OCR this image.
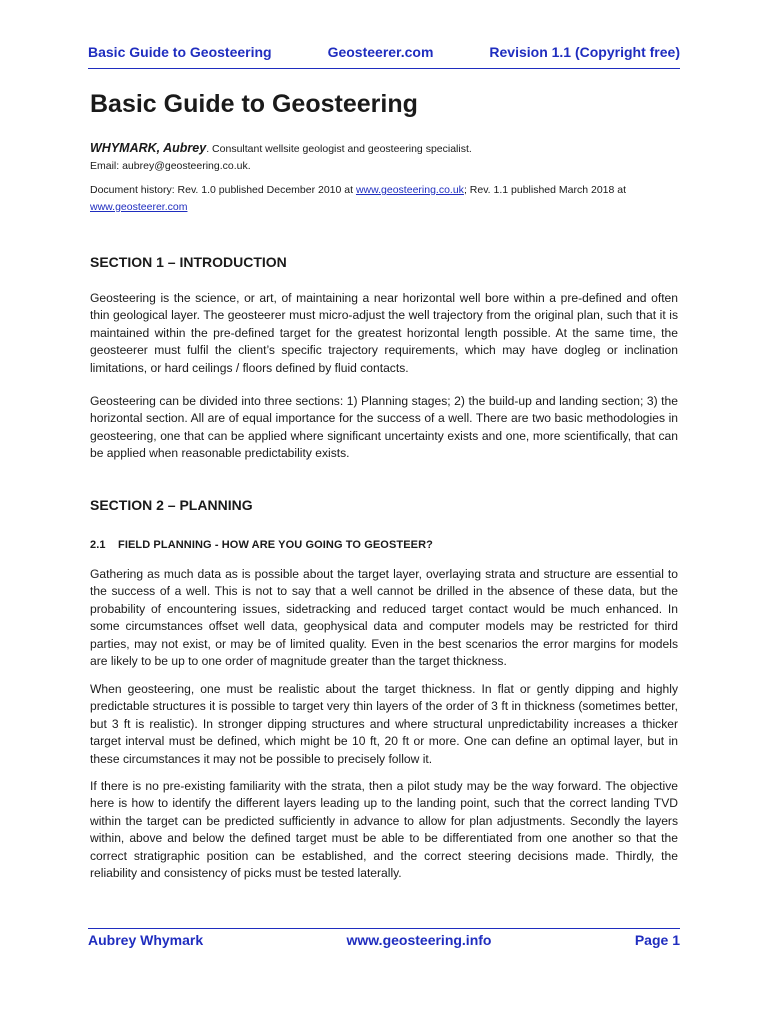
Basic Guide to Geosteering	Geosteerer.com	Revision 1.1 (Copyright free)
Basic Guide to Geosteering
WHYMARK, Aubrey. Consultant wellsite geologist and geosteering specialist.
Email: aubrey@geosteering.co.uk.
Document history: Rev. 1.0 published December 2010 at www.geosteering.co.uk; Rev. 1.1 published March 2018 at
www.geosteerer.com
SECTION 1 – INTRODUCTION

Geosteering is the science, or art, of maintaining a near horizontal well bore within a pre-defined and often thin geological layer. The geosteerer must micro-adjust the well trajectory from the original plan, such that it is maintained within the pre-defined target for the greatest horizontal length possible. At the same time, the geosteerer must fulfil the client’s specific trajectory requirements, which may have dogleg or inclination limitations, or hard ceilings / floors defined by fluid contacts.

Geosteering can be divided into three sections: 1) Planning stages; 2) the build-up and landing section; 3) the horizontal section. All are of equal importance for the success of a well. There are two basic methodologies in geosteering, one that can be applied where significant uncertainty exists and one, more scientifically, that can be applied when reasonable predictability exists.

SECTION 2 – PLANNING
2.1 FIELD PLANNING - HOW ARE YOU GOING TO GEOSTEER?

Gathering as much data as is possible about the target layer, overlaying strata and structure are essential to the success of a well. This is not to say that a well cannot be drilled in the absence of these data, but the probability of encountering issues, sidetracking and reduced target contact would be much enhanced. In some circumstances offset well data, geophysical data and computer models may be restricted for third parties, may not exist, or may be of limited quality. Even in the best scenarios the error margins for models are likely to be up to one order of magnitude greater than the target thickness.

When geosteering, one must be realistic about the target thickness. In flat or gently dipping and highly predictable structures it is possible to target very thin layers of the order of 3 ft in thickness (sometimes better, but 3 ft is realistic). In stronger dipping structures and where structural unpredictability increases a thicker target interval must be defined, which might be 10 ft, 20 ft or more. One can define an optimal layer, but in these circumstances it may not be possible to precisely follow it.

If there is no pre-existing familiarity with the strata, then a pilot study may be the way forward. The objective here is how to identify the different layers leading up to the landing point, such that the correct landing TVD within the target can be predicted sufficiently in advance to allow for plan adjustments. Secondly the layers within, above and below the defined target must be able to be differentiated from one another so that the correct stratigraphic position can be established, and the correct steering decisions made. Thirdly, the reliability and consistency of picks must be tested laterally.

Aubrey Whymark	www.geosteering.info	Page 1
